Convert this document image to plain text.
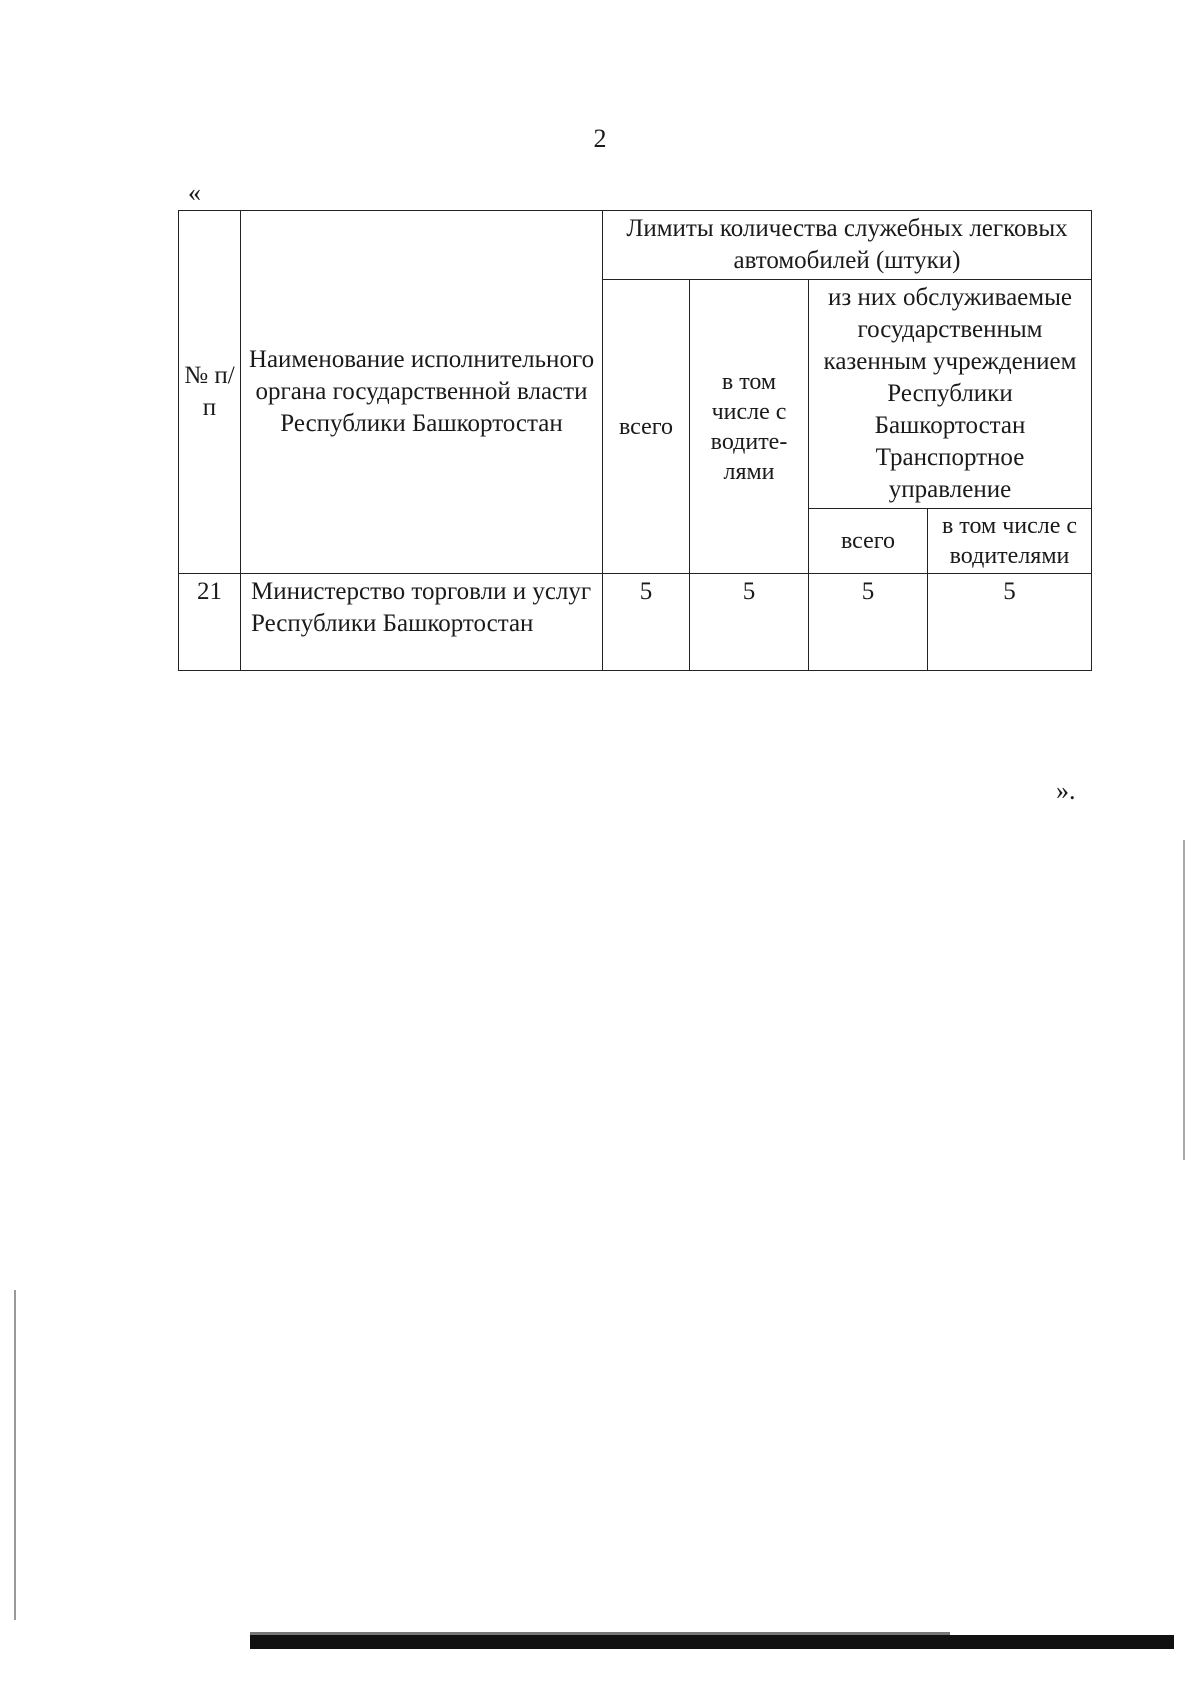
2
«
№ п/п	Наименование исполнительного органа государственной власти Республики Башкортостан	Лимиты количества служебных легковых автомобилей (штуки)			
		всего	в том числе с водите-лями	из них обслуживаемые государственным казенным учреждением Республики Башкортостан Транспортное управление	
				всего	в том числе с водителями
21	Министерство торговли и услуг Республики Башкортостан	5	5	5	5
».
